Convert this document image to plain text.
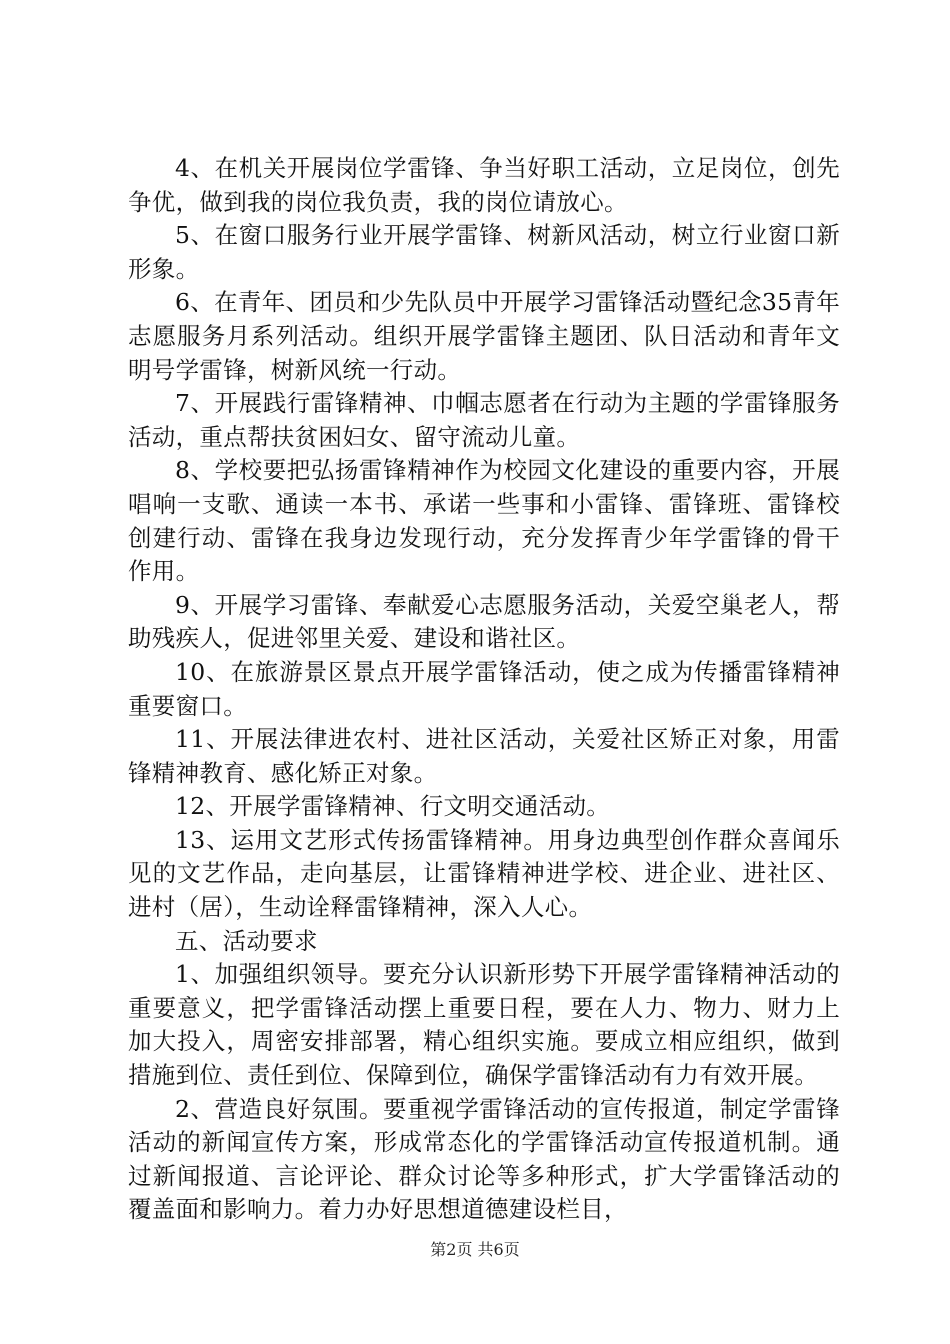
4、在机关开展岗位学雷锋、争当好职工活动，立足岗位，创先争优，做到我的岗位我负责，我的岗位请放心。

5、在窗口服务行业开展学雷锋、树新风活动，树立行业窗口新形象。

6、在青年、团员和少先队员中开展学习雷锋活动暨纪念35青年志愿服务月系列活动。组织开展学雷锋主题团、队日活动和青年文明号学雷锋，树新风统一行动。

7、开展践行雷锋精神、巾帼志愿者在行动为主题的学雷锋服务活动，重点帮扶贫困妇女、留守流动儿童。

8、学校要把弘扬雷锋精神作为校园文化建设的重要内容，开展唱响一支歌、通读一本书、承诺一些事和小雷锋、雷锋班、雷锋校创建行动、雷锋在我身边发现行动，充分发挥青少年学雷锋的骨干作用。

9、开展学习雷锋、奉献爱心志愿服务活动，关爱空巢老人，帮助残疾人，促进邻里关爱、建设和谐社区。

10、在旅游景区景点开展学雷锋活动，使之成为传播雷锋精神重要窗口。

11、开展法律进农村、进社区活动，关爱社区矫正对象，用雷锋精神教育、感化矫正对象。

12、开展学雷锋精神、行文明交通活动。

13、运用文艺形式传扬雷锋精神。用身边典型创作群众喜闻乐见的文艺作品，走向基层，让雷锋精神进学校、进企业、进社区、进村（居），生动诠释雷锋精神，深入人心。

五、活动要求

1、加强组织领导。要充分认识新形势下开展学雷锋精神活动的重要意义，把学雷锋活动摆上重要日程，要在人力、物力、财力上加大投入，周密安排部署，精心组织实施。要成立相应组织，做到措施到位、责任到位、保障到位，确保学雷锋活动有力有效开展。

2、营造良好氛围。要重视学雷锋活动的宣传报道，制定学雷锋活动的新闻宣传方案，形成常态化的学雷锋活动宣传报道机制。通过新闻报道、言论评论、群众讨论等多种形式，扩大学雷锋活动的覆盖面和影响力。着力办好思想道德建设栏目，

第2页 共6页
